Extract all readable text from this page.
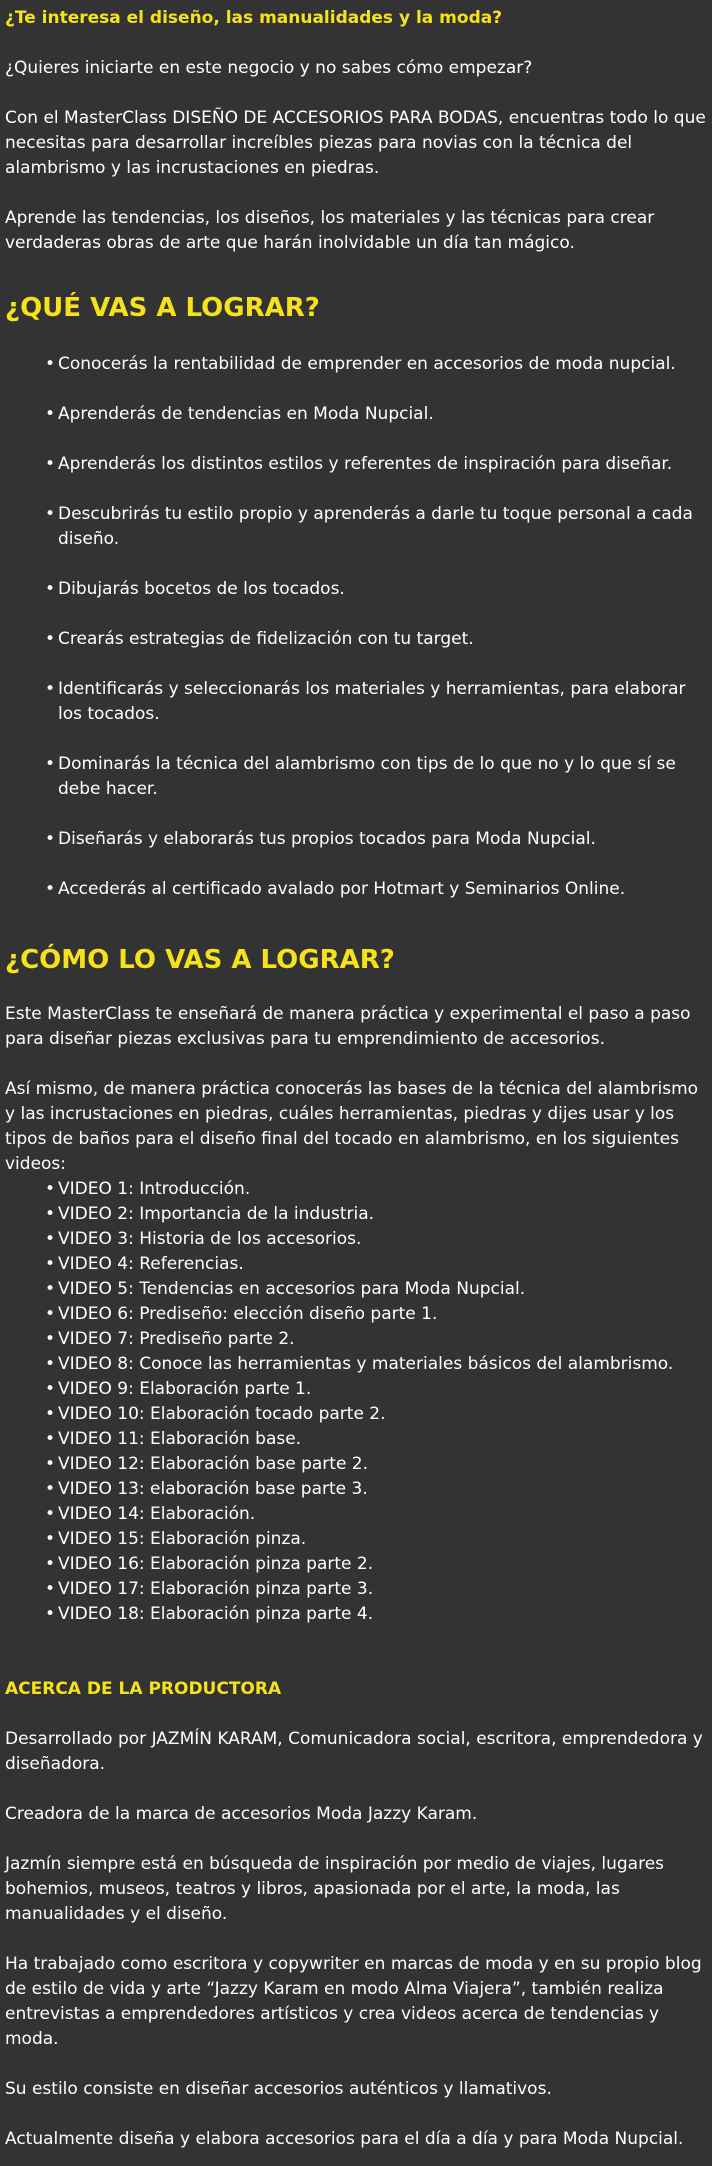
¿Te interesa el diseño, las manualidades y la moda?

¿Quieres iniciarte en este negocio y no sabes cómo empezar?

Con el MasterClass DISEÑO DE ACCESORIOS PARA BODAS, encuentras todo lo que necesitas para desarrollar increíbles piezas para novias con la técnica del alambrismo y las incrustaciones en piedras.

Aprende las tendencias, los diseños, los materiales y las técnicas para crear verdaderas obras de arte que harán inolvidable un día tan mágico.

¿QUÉ VAS A LOGRAR?
• Conocerás la rentabilidad de emprender en accesorios de moda nupcial.
• Aprenderás de tendencias en Moda Nupcial.
• Aprenderás los distintos estilos y referentes de inspiración para diseñar.
• Descubrirás tu estilo propio y aprenderás a darle tu toque personal a cada diseño.
• Dibujarás bocetos de los tocados.
• Crearás estrategias de fidelización con tu target.
• Identificarás y seleccionarás los materiales y herramientas, para elaborar los tocados.
• Dominarás la técnica del alambrismo con tips de lo que no y lo que sí se debe hacer.
• Diseñarás y elaborarás tus propios tocados para Moda Nupcial.
• Accederás al certificado avalado por Hotmart y Seminarios Online.
¿CÓMO LO VAS A LOGRAR?

Este MasterClass te enseñará de manera práctica y experimental el paso a paso para diseñar piezas exclusivas para tu emprendimiento de accesorios.

Así mismo, de manera práctica conocerás las bases de la técnica del alambrismo y las incrustaciones en piedras, cuáles herramientas, piedras y dijes usar y los tipos de baños para el diseño final del tocado en alambrismo, en los siguientes videos:

• VIDEO 1: Introducción.
• VIDEO 2: Importancia de la industria.
• VIDEO 3: Historia de los accesorios.
• VIDEO 4: Referencias.
• VIDEO 5: Tendencias en accesorios para Moda Nupcial.
• VIDEO 6: Prediseño: elección diseño parte 1.
• VIDEO 7: Prediseño parte 2.
• VIDEO 8: Conoce las herramientas y materiales básicos del alambrismo.
• VIDEO 9: Elaboración parte 1.
• VIDEO 10: Elaboración tocado parte 2.
• VIDEO 11: Elaboración base.
• VIDEO 12: Elaboración base parte 2.
• VIDEO 13: elaboración base parte 3.
• VIDEO 14: Elaboración.
• VIDEO 15: Elaboración pinza.
• VIDEO 16: Elaboración pinza parte 2.
• VIDEO 17: Elaboración pinza parte 3.
• VIDEO 18: Elaboración pinza parte 4.
ACERCA DE LA PRODUCTORA

Desarrollado por JAZMÍN KARAM, Comunicadora social, escritora, emprendedora y diseñadora.

Creadora de la marca de accesorios Moda Jazzy Karam.

Jazmín siempre está en búsqueda de inspiración por medio de viajes, lugares bohemios, museos, teatros y libros, apasionada por el arte, la moda, las manualidades y el diseño.

Ha trabajado como escritora y copywriter en marcas de moda y en su propio blog de estilo de vida y arte “Jazzy Karam en modo Alma Viajera”, también realiza entrevistas a emprendedores artísticos y crea videos acerca de tendencias y moda.

Su estilo consiste en diseñar accesorios auténticos y llamativos.

Actualmente diseña y elabora accesorios para el día a día y para Moda Nupcial.
